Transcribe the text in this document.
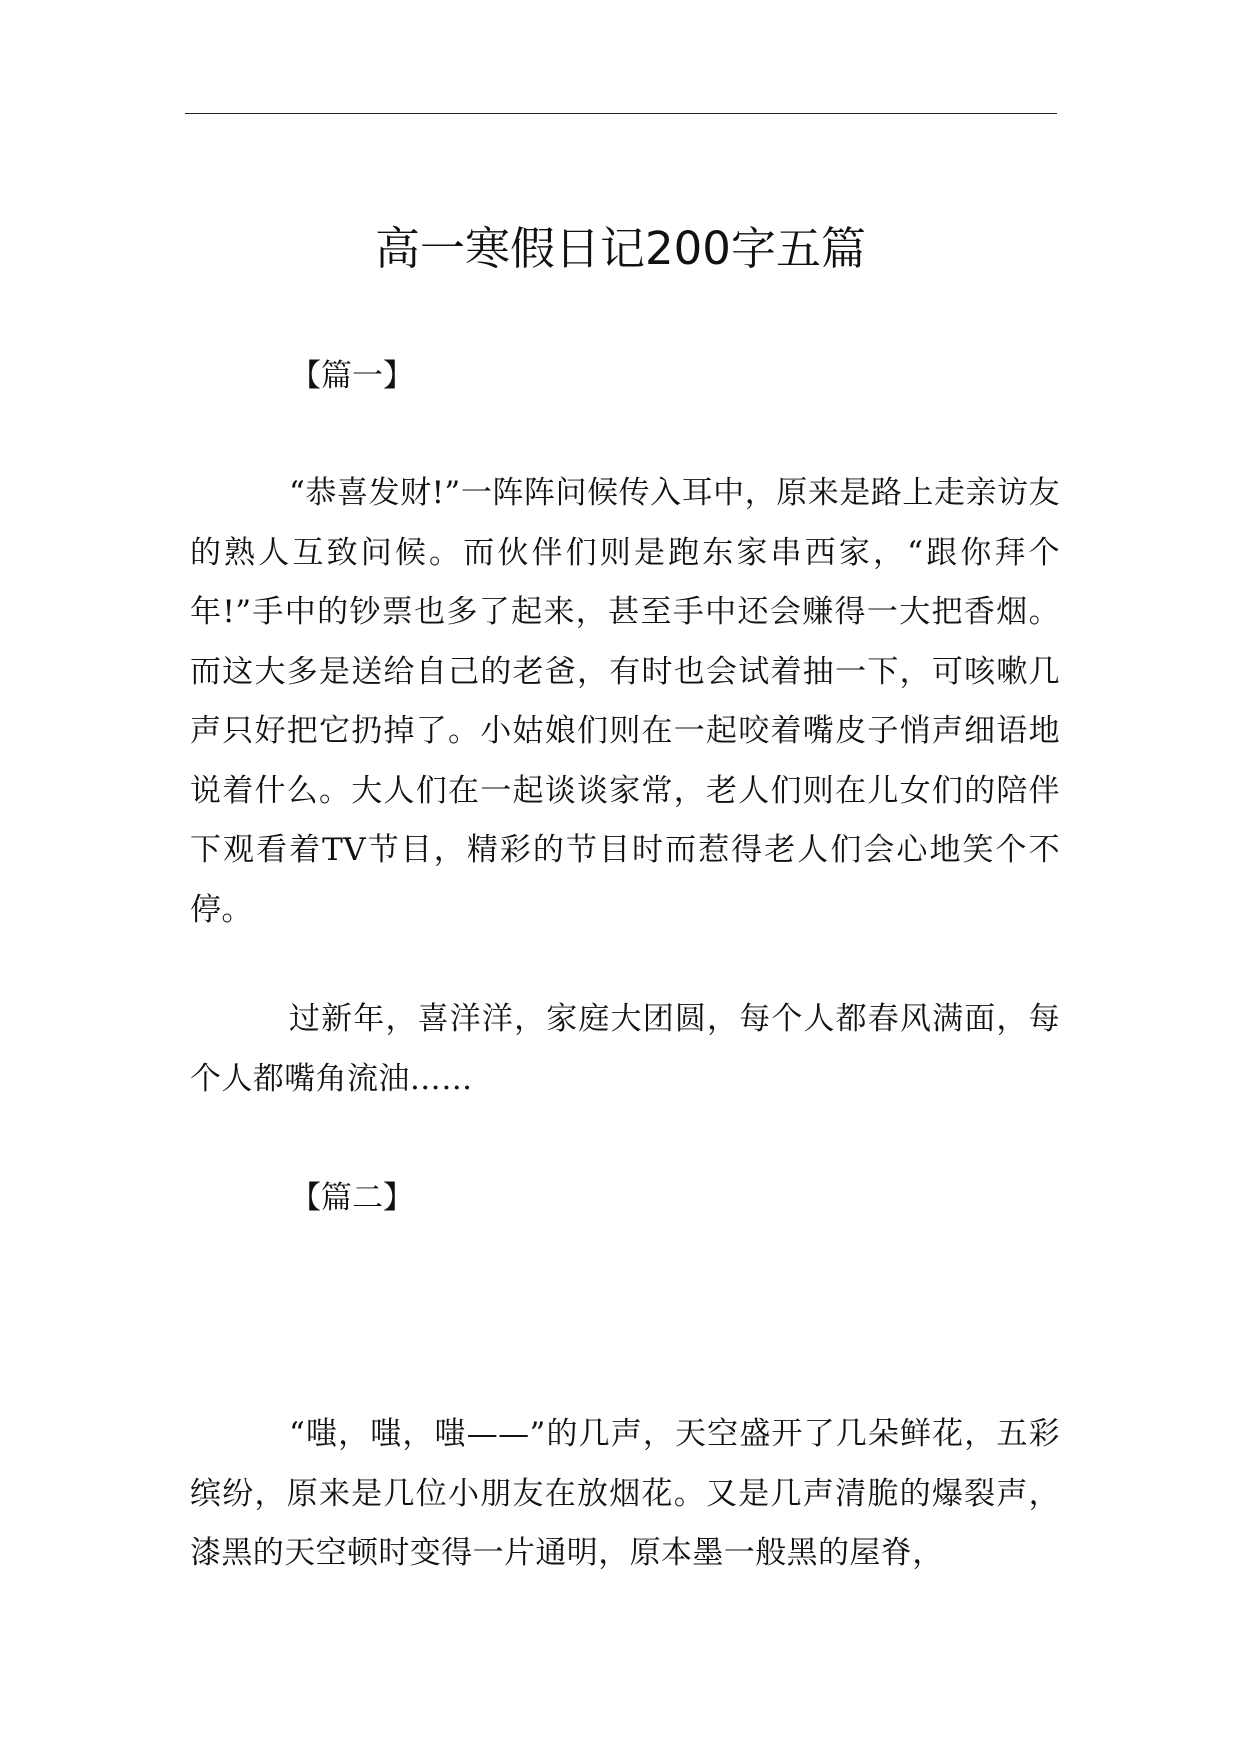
高一寒假日记200字五篇
【篇一】

“恭喜发财!”一阵阵问候传入耳中，原来是路上走亲访友的熟人互致问候。而伙伴们则是跑东家串西家，“跟你拜个年!”手中的钞票也多了起来，甚至手中还会赚得一大把香烟。而这大多是送给自己的老爸，有时也会试着抽一下，可咳嗽几声只好把它扔掉了。小姑娘们则在一起咬着嘴皮子悄声细语地说着什么。大人们在一起谈谈家常，老人们则在儿女们的陪伴下观看着TV节目，精彩的节目时而惹得老人们会心地笑个不停。

过新年，喜洋洋，家庭大团圆，每个人都春风满面，每个人都嘴角流油……

【篇二】

“嗤，嗤，嗤——”的几声，天空盛开了几朵鲜花，五彩缤纷，原来是几位小朋友在放烟花。又是几声清脆的爆裂声，漆黑的天空顿时变得一片通明，原本墨一般黑的屋脊，
